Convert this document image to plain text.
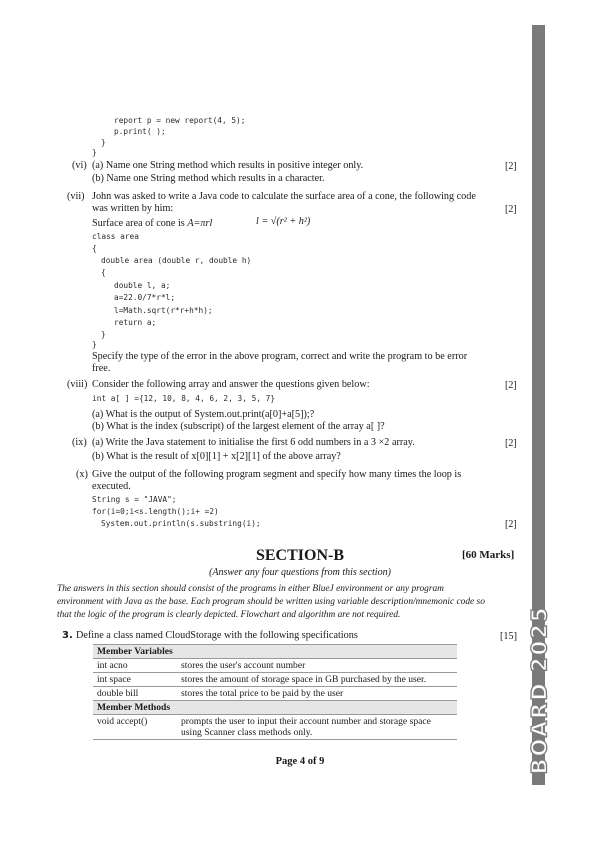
BOARD 2025
report p = new report(4, 5);
p.print( );
}
}
(vi) (a) Name one String method which results in positive integer only.	[2]
(b) Name one String method which results in a character.
(vii) John was asked to write a Java code to calculate the surface area of a cone, the following code
was written by him:	[2]
Surface area of cone is A=πrl	l = √(r² + h²)
class area
{
double area (double r, double h)
{
double l, a;
a=22.0/7*r*l;
l=Math.sqrt(r*r+h*h);
return a;
}
}
Specify the type of the error in the above program, correct and write the program to be error
free.
(viii) Consider the following array and answer the questions given below:	[2]
int a[ ] ={12, 10, 8, 4, 6, 2, 3, 5, 7}
(a) What is the output of System.out.print(a[0]+a[5]);?
(b) What is the index (subscript) of the largest element of the array a[ ]?
(ix) (a) Write the Java statement to initialise the first 6 odd numbers in a 3 ×2 array.	[2]
(b) What is the result of x[0][1] + x[2][1] of the above array?
(x) Give the output of the following program segment and specify how many times the loop is
executed.
String s = "JAVA";
for(i=0;i<s.length();i+ =2)
System.out.println(s.substring(i);	[2]
SECTION-B	[60 Marks]
(Answer any four questions from this section)
The answers in this section should consist of the programs in either BlueJ environment or any program
environment with Java as the base. Each program should be written using variable description/mnemonic code so
that the logic of the program is clearly depicted. Flowchart and algorithm are not required.
3. Define a class named CloudStorage with the following specifications	[15]
Member Variables	
int acno	stores the user's account number
int space	stores the amount of storage space in GB purchased by the user.
double bill	stores the total price to be paid by the user
Member Methods	
void accept()	prompts the user to input their account number and storage space
using Scanner class methods only.
Page 4 of 9
